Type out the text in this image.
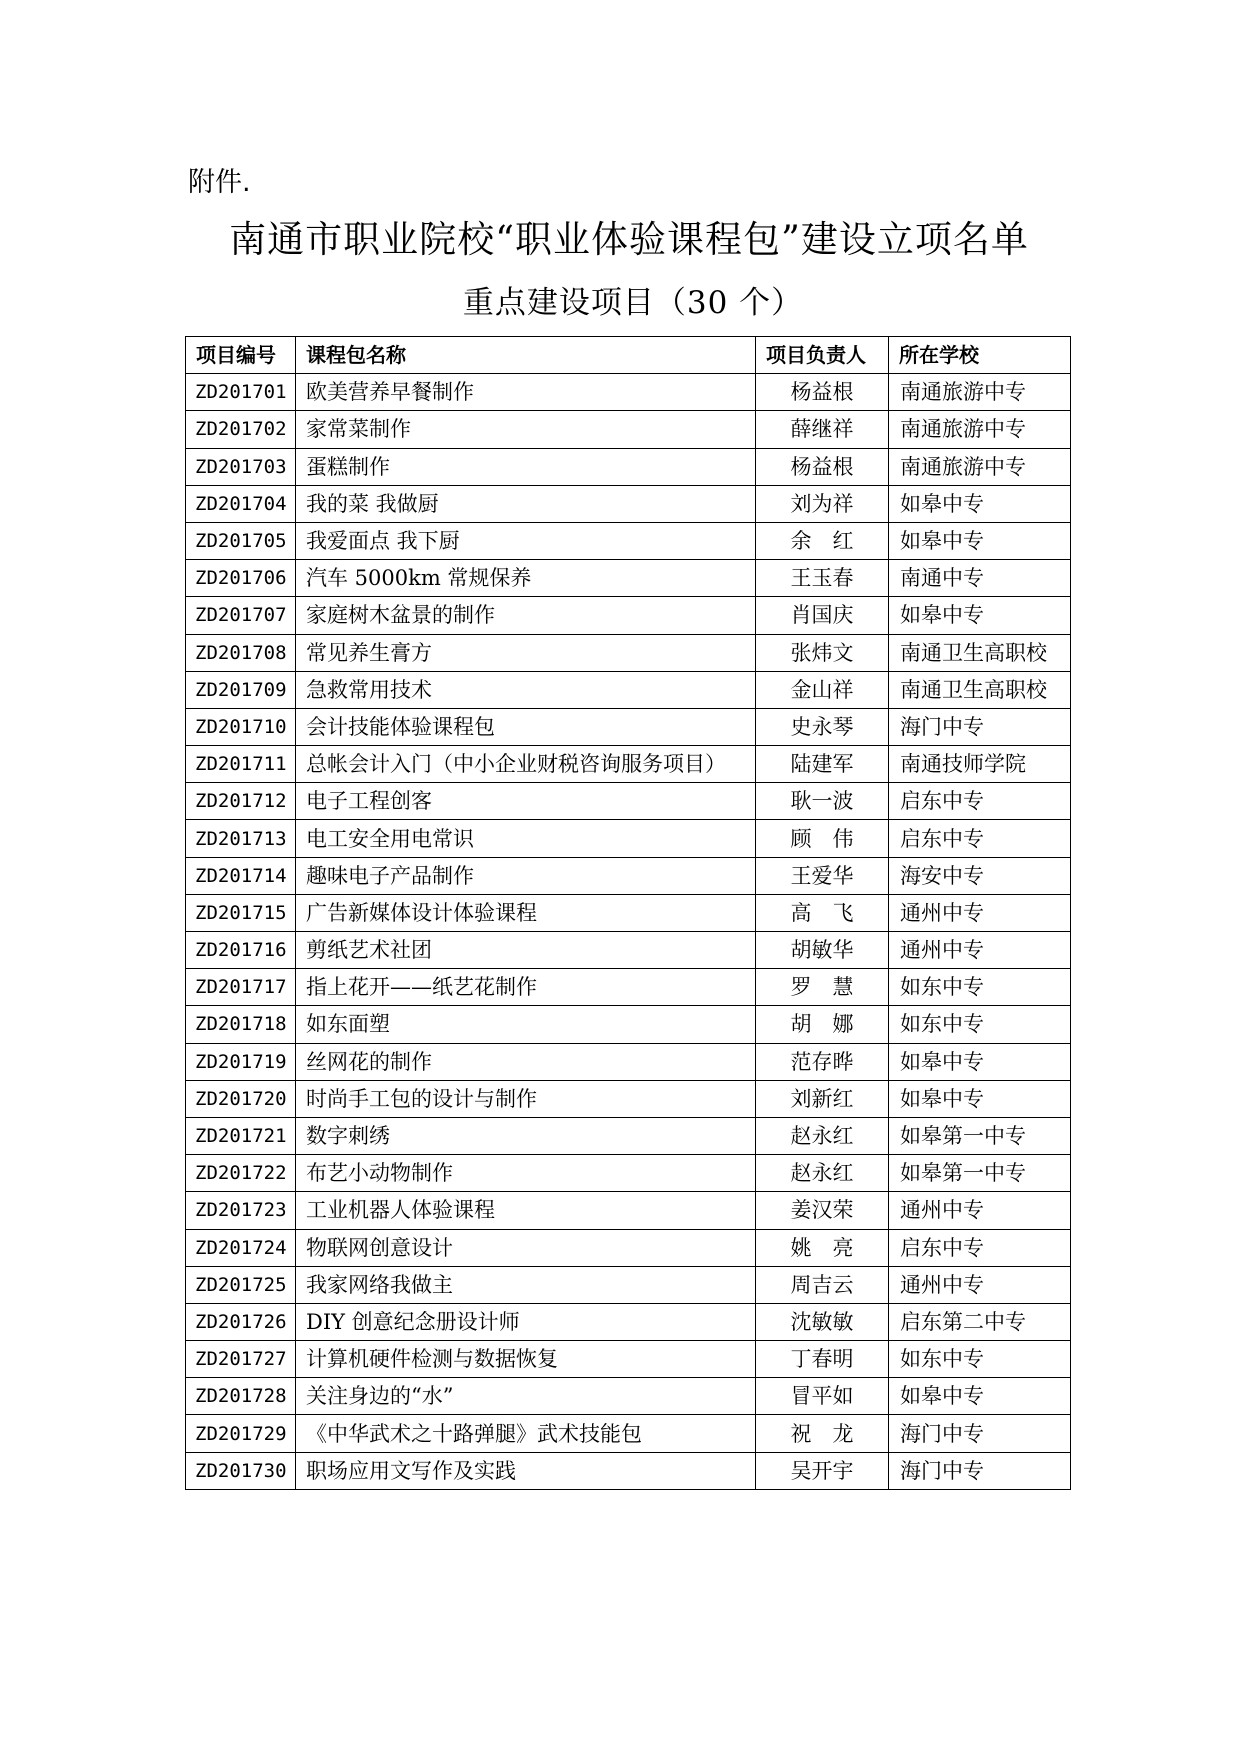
附件.
南通市职业院校“职业体验课程包”建设立项名单
重点建设项目（30 个）
项目编号	课程包名称	项目负责人	所在学校
ZD201701	欧美营养早餐制作	杨益根	南通旅游中专
ZD201702	家常菜制作	薛继祥	南通旅游中专
ZD201703	蛋糕制作	杨益根	南通旅游中专
ZD201704	我的菜 我做厨	刘为祥	如皋中专
ZD201705	我爱面点 我下厨	余　红	如皋中专
ZD201706	汽车 5000km 常规保养	王玉春	南通中专
ZD201707	家庭树木盆景的制作	肖国庆	如皋中专
ZD201708	常见养生膏方	张炜文	南通卫生高职校
ZD201709	急救常用技术	金山祥	南通卫生高职校
ZD201710	会计技能体验课程包	史永琴	海门中专
ZD201711	总帐会计入门（中小企业财税咨询服务项目）	陆建军	南通技师学院
ZD201712	电子工程创客	耿一波	启东中专
ZD201713	电工安全用电常识	顾　伟	启东中专
ZD201714	趣味电子产品制作	王爱华	海安中专
ZD201715	广告新媒体设计体验课程	高　飞	通州中专
ZD201716	剪纸艺术社团	胡敏华	通州中专
ZD201717	指上花开——纸艺花制作	罗　慧	如东中专
ZD201718	如东面塑	胡　娜	如东中专
ZD201719	丝网花的制作	范存晔	如皋中专
ZD201720	时尚手工包的设计与制作	刘新红	如皋中专
ZD201721	数字刺绣	赵永红	如皋第一中专
ZD201722	布艺小动物制作	赵永红	如皋第一中专
ZD201723	工业机器人体验课程	姜汉荣	通州中专
ZD201724	物联网创意设计	姚　亮	启东中专
ZD201725	我家网络我做主	周吉云	通州中专
ZD201726	DIY 创意纪念册设计师	沈敏敏	启东第二中专
ZD201727	计算机硬件检测与数据恢复	丁春明	如东中专
ZD201728	关注身边的“水”	冒平如	如皋中专
ZD201729	《中华武术之十路弹腿》武术技能包	祝　龙	海门中专
ZD201730	职场应用文写作及实践	吴开宇	海门中专
